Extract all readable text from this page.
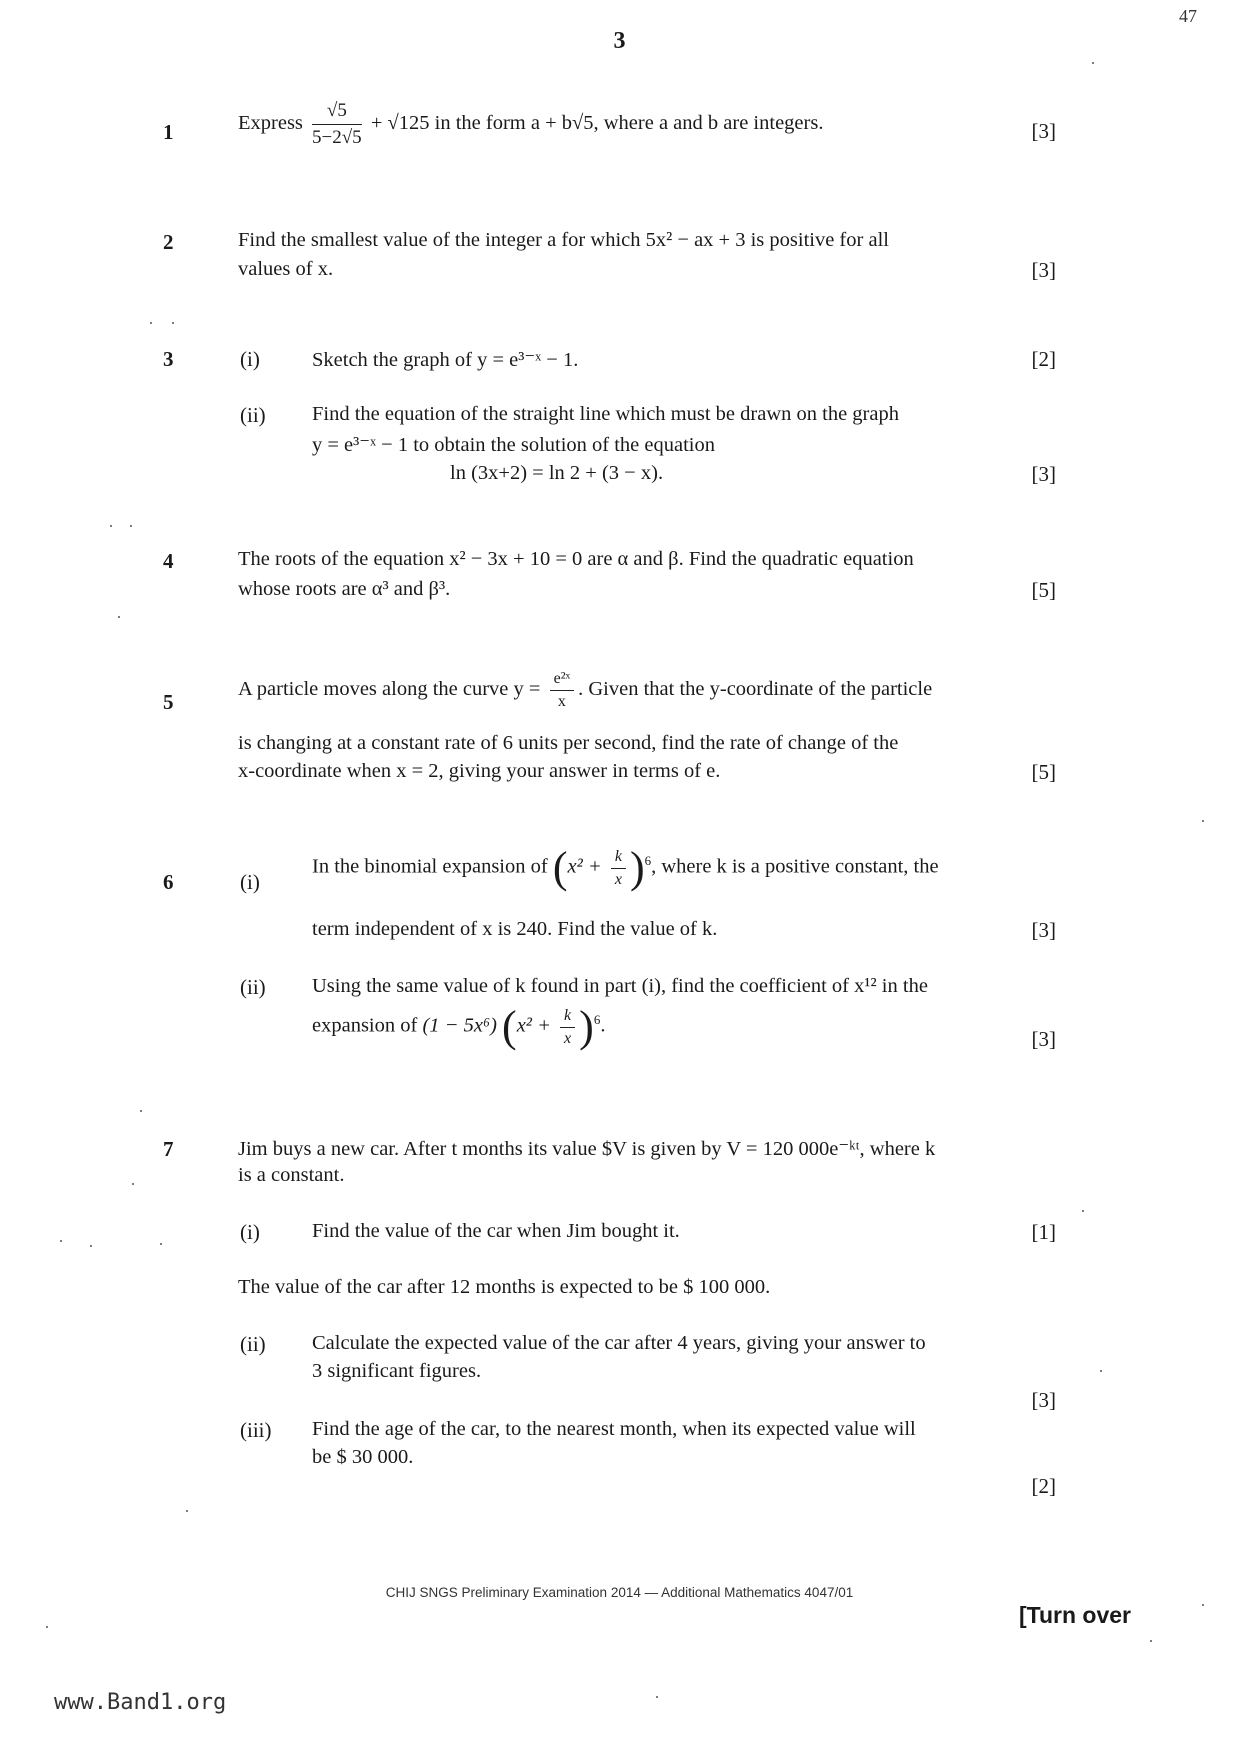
47
3
1	Express $\frac{√5}{5-2√5} + √125$ in the form a + b√5, where a and b are integers.	[3]
2	Find the smallest value of the integer a for which 5x² − ax + 3 is positive for all
values of x.	[3]
3	(i)	Sketch the graph of y = e³⁻ˣ − 1.	[2]
(ii) Find the equation of the straight line which must be drawn on the graph
y = e³⁻ˣ − 1 to obtain the solution of the equation
ln (3x+2) = ln 2 + (3 − x).	[3]
4	The roots of the equation x² − 3x + 10 = 0 are α and β. Find the quadratic equation
whose roots are α³ and β³.	[5]
5
A particle moves along the curve $y = \frac{\text{e²ˣ}}{x}$ . Given that the y-coordinate of the particle
is changing at a constant rate of 6 units per second, find the rate of change of the
x-coordinate when x = 2, giving your answer in terms of e.	[5]
6	(i)
In the binomial expansion of $(x^2 + \frac{k}{x} )^6$, where k is a positive constant, the
term independent of x is 240. Find the value of k.	[3]
(ii) Using the same value of k found in part (i), find the coefficient of x¹² in the
expansion of (1 − 5x⁶) $(x^2 + \frac{k}{x} )^6$.
[3]
7	Jim buys a new car. After t months its value $V is given by V = 120 000e⁻ᵏᵗ, where k
is a constant.
(i)	Find the value of the car when Jim bought it.	[1]
The value of the car after 12 months is expected to be $ 100 000.
(ii) Calculate the expected value of the car after 4 years, giving your answer to
3 significant figures.
[3]
(iii) Find the age of the car, to the nearest month, when its expected value will
be $ 30 000.
[2]
CHIJ SNGS Preliminary Examination 2014 — Additional Mathematics 4047/01
[Turn over
www.Band1.org
